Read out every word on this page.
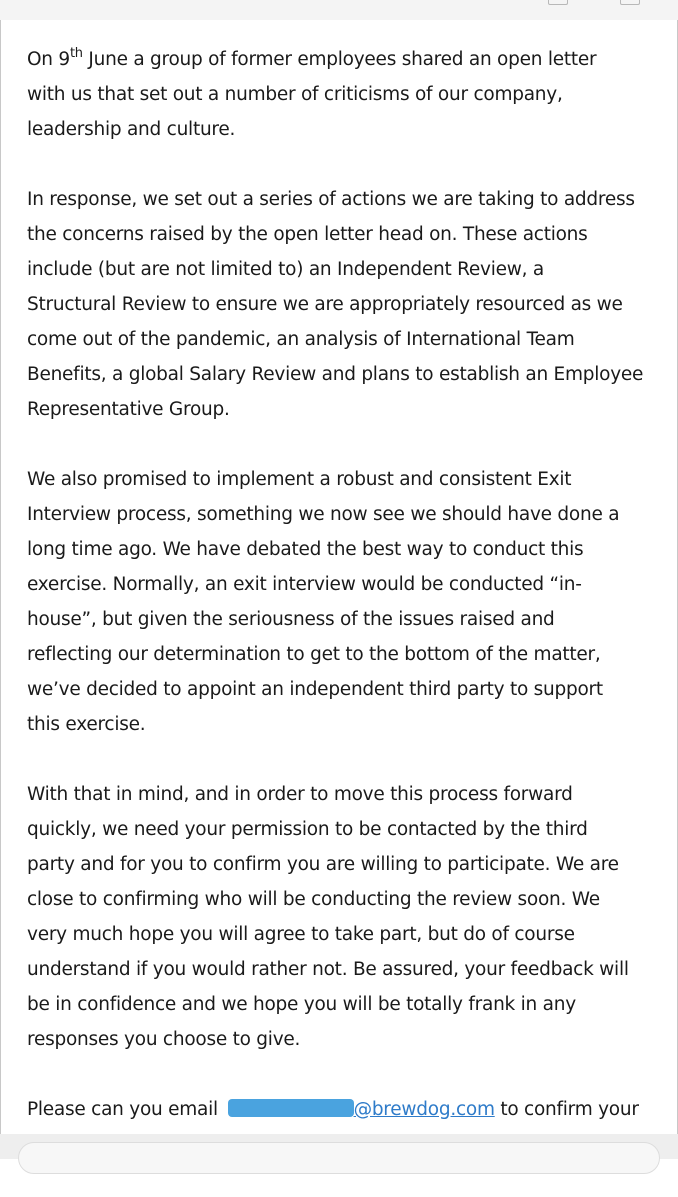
On 9th June a group of former employees shared an open letter
with us that set out a number of criticisms of our company,
leadership and culture.

In response, we set out a series of actions we are taking to address
the concerns raised by the open letter head on. These actions
include (but are not limited to) an Independent Review, a
Structural Review to ensure we are appropriately resourced as we
come out of the pandemic, an analysis of International Team
Benefits, a global Salary Review and plans to establish an Employee
Representative Group.

We also promised to implement a robust and consistent Exit
Interview process, something we now see we should have done a
long time ago. We have debated the best way to conduct this
exercise. Normally, an exit interview would be conducted “in-
house”, but given the seriousness of the issues raised and
reflecting our determination to get to the bottom of the matter,
we’ve decided to appoint an independent third party to support
this exercise.

With that in mind, and in order to move this process forward
quickly, we need your permission to be contacted by the third
party and for you to confirm you are willing to participate. We are
close to confirming who will be conducting the review soon. We
very much hope you will agree to take part, but do of course
understand if you would rather not. Be assured, your feedback will
be in confidence and we hope you will be totally frank in any
responses you choose to give.

Please can you email	@brewdog.com to confirm your
